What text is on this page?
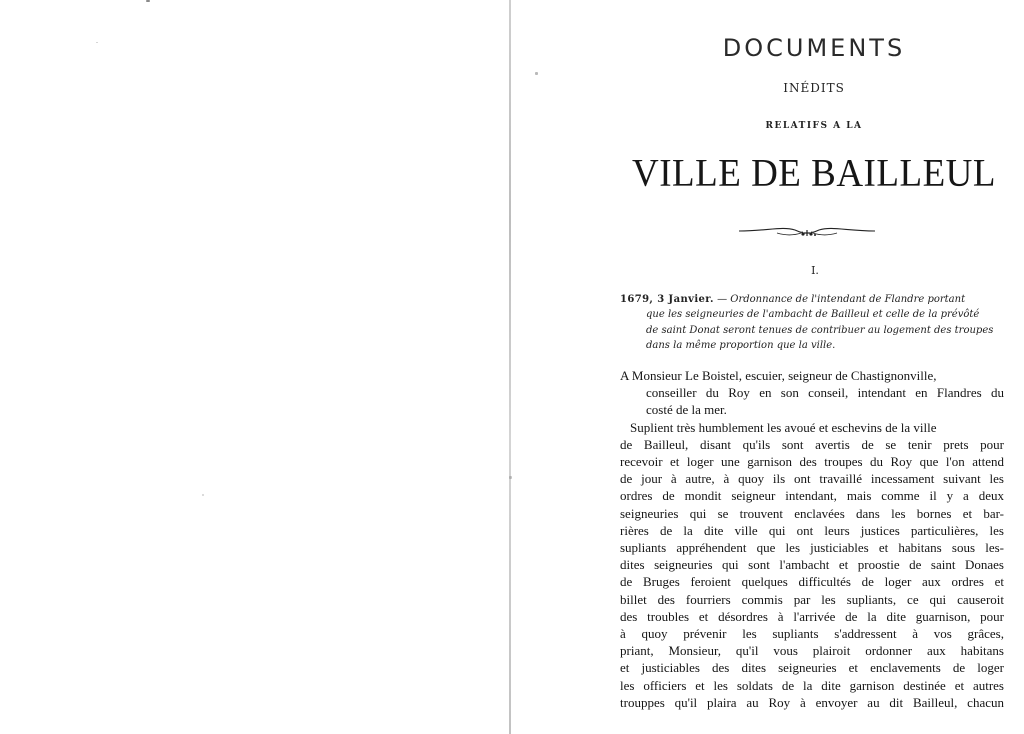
DOCUMENTS
INÉDITS
RELATIFS A LA
VILLE DE BAILLEUL
I.
1679, 3 Janvier. — Ordonnance de l'intendant de Flandre portant
que les seigneuries de l'ambacht de Bailleul et celle de la prévôté
de saint Donat seront tenues de contribuer au logement des troupes
dans la même proportion que la ville.
A Monsieur Le Boistel, escuier, seigneur de Chastignonville,
conseiller du Roy en son conseil, intendant en Flandres du
costé de la mer.
Suplient très humblement les avoué et eschevins de la ville
de Bailleul, disant qu'ils sont avertis de se tenir prets pour
recevoir et loger une garnison des troupes du Roy que l'on attend
de jour à autre, à quoy ils ont travaillé incessament suivant les
ordres de mondit seigneur intendant, mais comme il y a deux
seigneuries qui se trouvent enclavées dans les bornes et bar-
rières de la dite ville qui ont leurs justices particulières, les
supliants appréhendent que les justiciables et habitans sous les-
dites seigneuries qui sont l'ambacht et proostie de saint Donaes
de Bruges feroient quelques difficultés de loger aux ordres et
billet des fourriers commis par les supliants, ce qui causeroit
des troubles et désordres à l'arrivée de la dite guarnison, pour
à quoy prévenir les supliants s'addressent à vos grâces,
priant, Monsieur, qu'il vous plairoit ordonner aux habitans
et justiciables des dites seigneuries et enclavements de loger
les officiers et les soldats de la dite garnison destinée et autres
trouppes qu'il plaira au Roy à envoyer au dit Bailleul, chacun
